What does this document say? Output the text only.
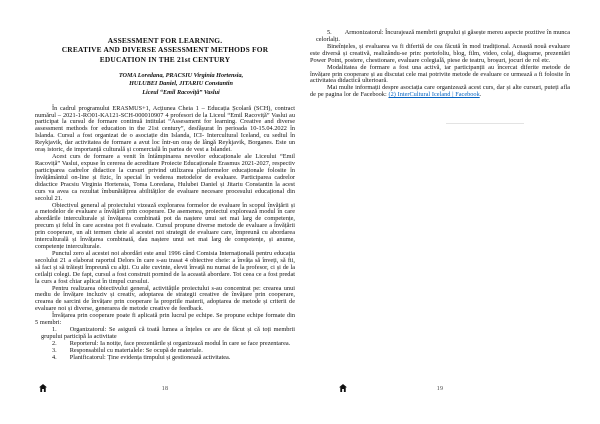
ASSESSMENT FOR LEARNING.
CREATIVE AND DIVERSE ASSESSMENT METHODS FOR
EDUCATION IN THE 21st CENTURY
TOMA Loredana, PRACSIU Virginia Hortensia,
HULUBEI Daniel, JITARIU Constantin
Liceul “Emil Racoviță” Vaslui
În cadrul programului ERASMUS+1, Acțiunea Cheia 1 – Educația Școlară (SCH), contract numărul – 2021-1-RO01-KA121-SCH-000010907 4 profesori de la Liceul “Emil Racoviță” Vaslui au participat la cursul de formare continuă intitulat “Assessment for learning. Creative and diverse assessment methods for education in the 21st century”, desfășurat în perioada 10-15.04.2022 în Islanda. Cursul a fost organizat de o asociație din Islanda, ICI- Intercultural Iceland, cu sediul în Reykjavik, dar activitatea de formare a avut loc într-un oraș de lângă Reykjavik, Borganes. Este un oraș istoric, de importanță culturală și comercială în partea de vest a Islandei.
Acest curs de formare a venit în întâmpinarea nevoilor educaționale ale Liceului “Emil Racoviță” Vaslui, expuse în cererea de acreditare Proiecte Educaționale Erasmus 2021-2027, respectiv participarea cadrelor didactice la cursuri privind utilizarea platformelor educaționale folosite în învățământul on-line și fizic, în special în vederea metodelor de evaluare. Participarea cadrelor didactice Pracsiu Virginia Hortensia, Toma Loredana, Hulubei Daniel și Jitariu Constantin la acest curs va avea ca rezultat îmbunătățirea abilităților de evaluare necesare procesului educațional din secolul 21.
Obiectivul general al proiectului vizează explorarea formelor de evaluare în scopul învățării și a metodelor de evaluare a învățării prin cooperare. De asemenea, proiectul explorează modul în care abordările interculturale și învățarea combinată pot da naștere unui set mai larg de competențe, precum și felul în care acestea pot fi evaluate. Cursul propune diverse metode de evaluare a învățării prin cooperare, un alt termen cheie al acestei noi strategii de evaluare care, împreună cu abordarea interculturală și învățarea combinată, dau naștere unui set mai larg de competențe, și anume, competențe interculturale.
Punctul zero al acestei noi abordări este anul 1996 când Comisia Internațională pentru educația secolului 21 a elaborat raportul Delors în care s-au trasat 4 obiective cheie: a învăța să înveți, să fii, să faci și să trăiești împreună cu alții. Cu alte cuvinte, elevii învață nu numai de la profesor, ci și de la ceilalți colegi. De fapt, cursul a fost construit pornind de la această abordare. Tot ceea ce a fost predat la curs a fost chiar aplicat în timpul cursului.
Pentru realizarea obiectivului general, activitățile proiectului s-au concentrat pe: crearea unui mediu de învățare incluziv și creativ, adoptarea de strategii creative de învățare prin cooperare, crearea de sarcini de învățare prin cooperare la propriile materii, adoptarea de metode și criterii de evaluare noi și diverse, generarea de metode creative de feedback.
Învățarea prin cooperare poate fi aplicată prin lucrul pe echipe. Se propune echipe formate din 5 membri:
1. Organizatorul: Se asigură că toată lumea a înțeles ce are de făcut și că toți membrii grupului participă la activitate
2. Reporterul: Ia notițe, face prezentările și organizează modul în care se face prezentarea.
3. Responsabilul cu materialele: Se ocupă de materiale.
4. Planificatorul: Ține evidența timpului și gestionează activitatea.
18
5. Armonizatorul: Încurajează membrii grupului și găsește mereu aspecte pozitive în munca celorlalți.
Bineînțeles, și evaluarea va fi diferită de cea făcută în mod tradițional. Această nouă evaluare este diversă și creativă, realizându-se prin: portofoliu, blog, film, video, colaj, diagrame, prezentări Power Point, postere, chestionare, evaluare colegială, piese de teatru, broșuri, jocuri de rol etc.
Modalitatea de formare a fost una activă, iar participanții au încercat diferite metode de învățare prin cooperare și au discutat cele mai potrivite metode de evaluare ce urmează a fi folosite în activitatea didactică ulterioară.
Mai multe informații despre asociația care organizează acest curs, dar și alte cursuri, puteți afla de pe pagina lor de Facebook: (2) InterCultural Iceland | Facebook.
19
